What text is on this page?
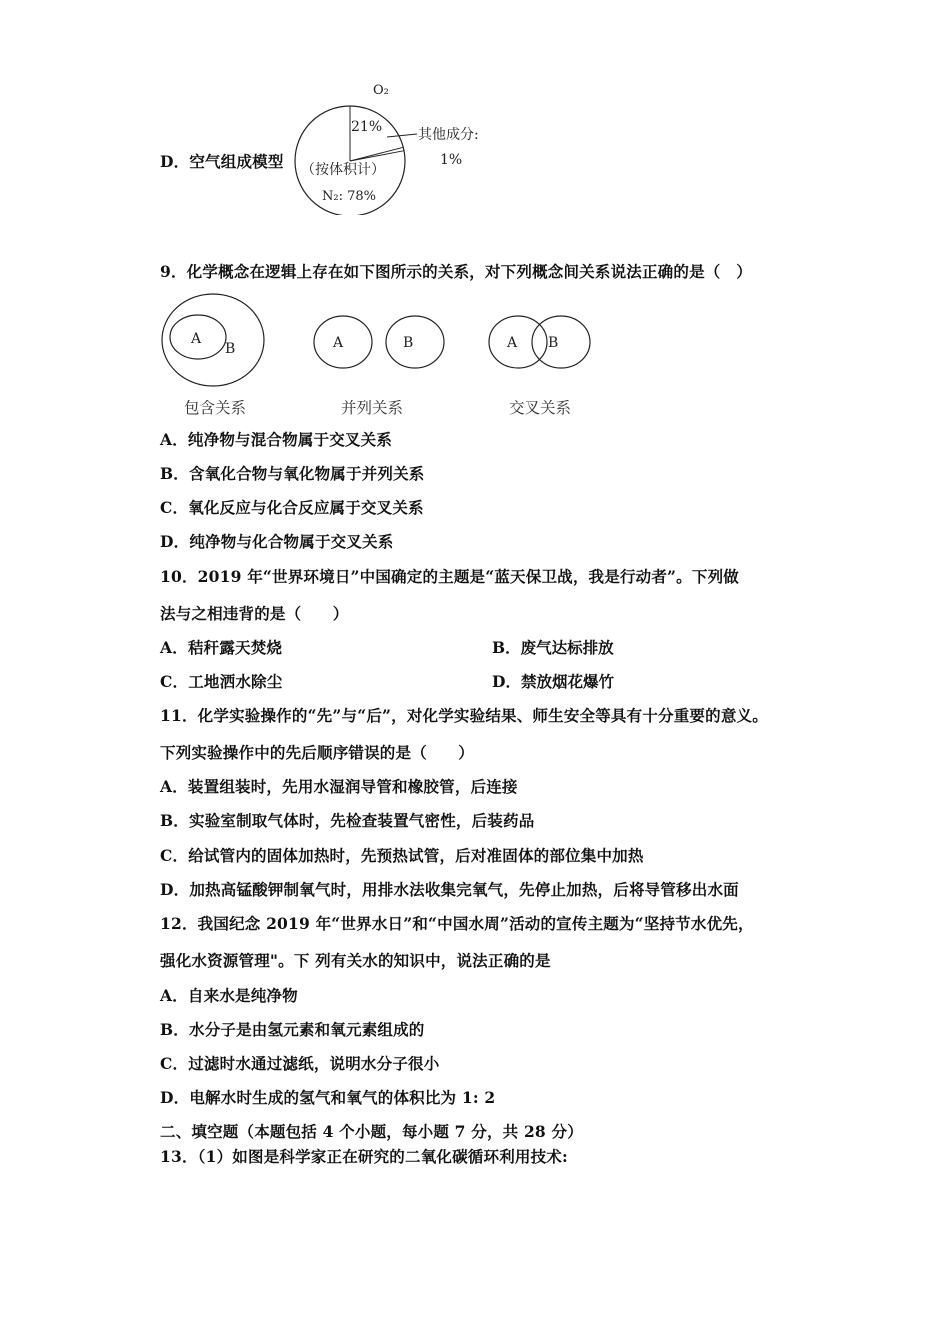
D．空气组成模型
O₂
21%	其他成分:
1%
（按体积计）
N₂: 78%
9．化学概念在逻辑上存在如下图所示的关系，对下列概念间关系说法正确的是（　）
A
B	A	B	A B
包含关系	并列关系	交叉关系
A．纯净物与混合物属于交叉关系
B．含氧化合物与氧化物属于并列关系
C．氧化反应与化合反应属于交叉关系
D．纯净物与化合物属于交叉关系
10．2019 年“世界环境日”中国确定的主题是“蓝天保卫战，我是行动者”。下列做
法与之相违背的是（　　）
A．秸秆露天焚烧	B．废气达标排放
C．工地洒水除尘	D．禁放烟花爆竹
11．化学实验操作的“先”与“后”，对化学实验结果、师生安全等具有十分重要的意义。
下列实验操作中的先后顺序错误的是（　　）
A．装置组装时，先用水湿润导管和橡胶管，后连接
B．实验室制取气体时，先检查装置气密性，后装药品
C．给试管内的固体加热时，先预热试管，后对准固体的部位集中加热
D．加热高锰酸钾制氧气时，用排水法收集完氧气，先停止加热，后将导管移出水面
12．我国纪念 2019 年“世界水日”和“中国水周”活动的宣传主题为“坚持节水优先，
强化水资源管理"。下 列有关水的知识中，说法正确的是
A．自来水是纯净物
B．水分子是由氢元素和氧元素组成的
C．过滤时水通过滤纸，说明水分子很小
D．电解水时生成的氢气和氧气的体积比为 1: 2
二、填空题（本题包括 4 个小题，每小题 7 分，共 28 分）
13．（1）如图是科学家正在研究的二氧化碳循环利用技术:
